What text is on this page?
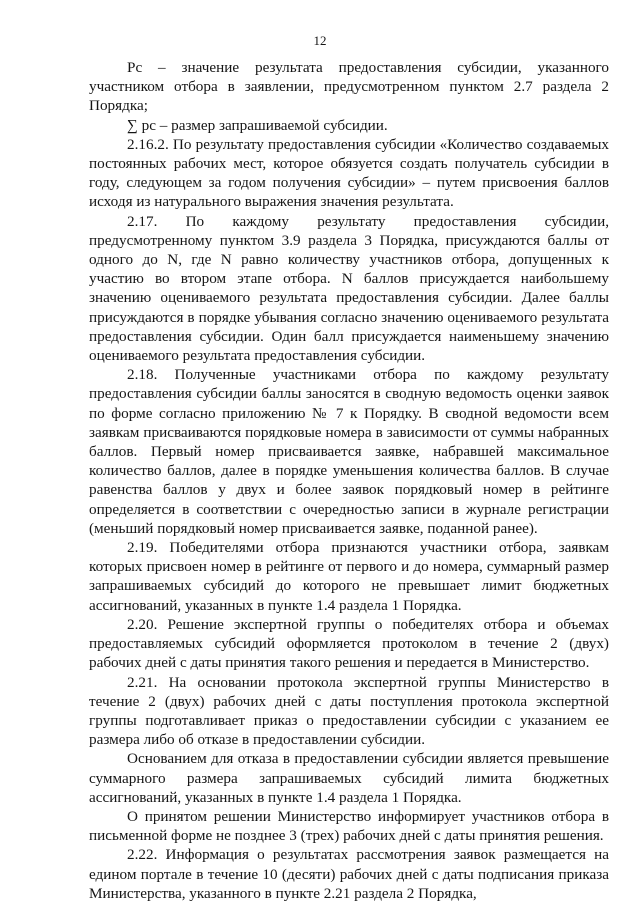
12

Pc – значение результата предоставления субсидии, указанного участником отбора в заявлении, предусмотренном пунктом 2.7 раздела 2 Порядка;

∑ рс – размер запрашиваемой субсидии.

2.16.2. По результату предоставления субсидии «Количество создаваемых постоянных рабочих мест, которое обязуется создать получатель субсидии в году, следующем за годом получения субсидии» – путем присвоения баллов исходя из натурального выражения значения результата.

2.17. По каждому результату предоставления субсидии, предусмотренному пунктом 3.9 раздела 3 Порядка, присуждаются баллы от одного до N, где N равно количеству участников отбора, допущенных к участию во втором этапе отбора. N баллов присуждается наибольшему значению оцениваемого результата предоставления субсидии. Далее баллы присуждаются в порядке убывания согласно значению оцениваемого результата предоставления субсидии. Один балл присуждается наименьшему значению оцениваемого результата предоставления субсидии.

2.18. Полученные участниками отбора по каждому результату предоставления субсидии баллы заносятся в сводную ведомость оценки заявок по форме согласно приложению № 7 к Порядку. В сводной ведомости всем заявкам присваиваются порядковые номера в зависимости от суммы набранных баллов. Первый номер присваивается заявке, набравшей максимальное количество баллов, далее в порядке уменьшения количества баллов. В случае равенства баллов у двух и более заявок порядковый номер в рейтинге определяется в соответствии с очередностью записи в журнале регистрации (меньший порядковый номер присваивается заявке, поданной ранее).

2.19. Победителями отбора признаются участники отбора, заявкам которых присвоен номер в рейтинге от первого и до номера, суммарный размер запрашиваемых субсидий до которого не превышает лимит бюджетных ассигнований, указанных в пункте 1.4 раздела 1 Порядка.

2.20. Решение экспертной группы о победителях отбора и объемах предоставляемых субсидий оформляется протоколом в течение 2 (двух) рабочих дней с даты принятия такого решения и передается в Министерство.

2.21. На основании протокола экспертной группы Министерство в течение 2 (двух) рабочих дней с даты поступления протокола экспертной группы подготавливает приказ о предоставлении субсидии с указанием ее размера либо об отказе в предоставлении субсидии.

Основанием для отказа в предоставлении субсидии является превышение суммарного размера запрашиваемых субсидий лимита бюджетных ассигнований, указанных в пункте 1.4 раздела 1 Порядка.

О принятом решении Министерство информирует участников отбора в письменной форме не позднее 3 (трех) рабочих дней с даты принятия решения.

2.22. Информация о результатах рассмотрения заявок размещается на едином портале в течение 10 (десяти) рабочих дней с даты подписания приказа Министерства, указанного в пункте 2.21 раздела 2 Порядка,
